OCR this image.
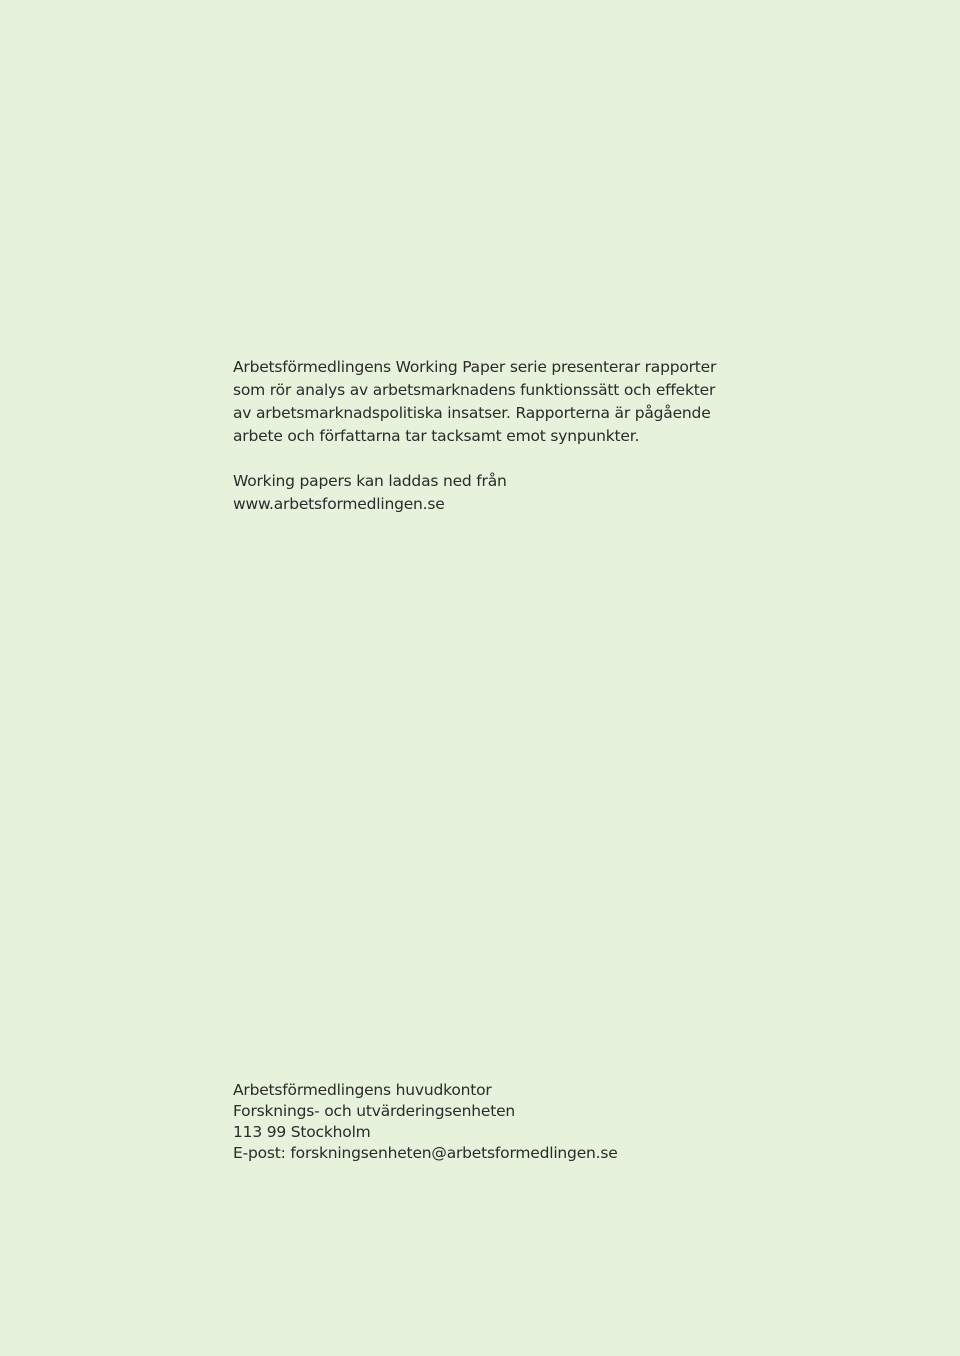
Arbetsförmedlingens Working Paper serie presenterar rapporter
som rör analys av arbetsmarknadens funktionssätt och effekter
av arbetsmarknadspolitiska insatser. Rapporterna är pågående
arbete och författarna tar tacksamt emot synpunkter.

Working papers kan laddas ned från
www.arbetsformedlingen.se
Arbetsförmedlingens huvudkontor
Forsknings- och utvärderingsenheten
113 99 Stockholm
E-post: forskningsenheten@arbetsformedlingen.se
